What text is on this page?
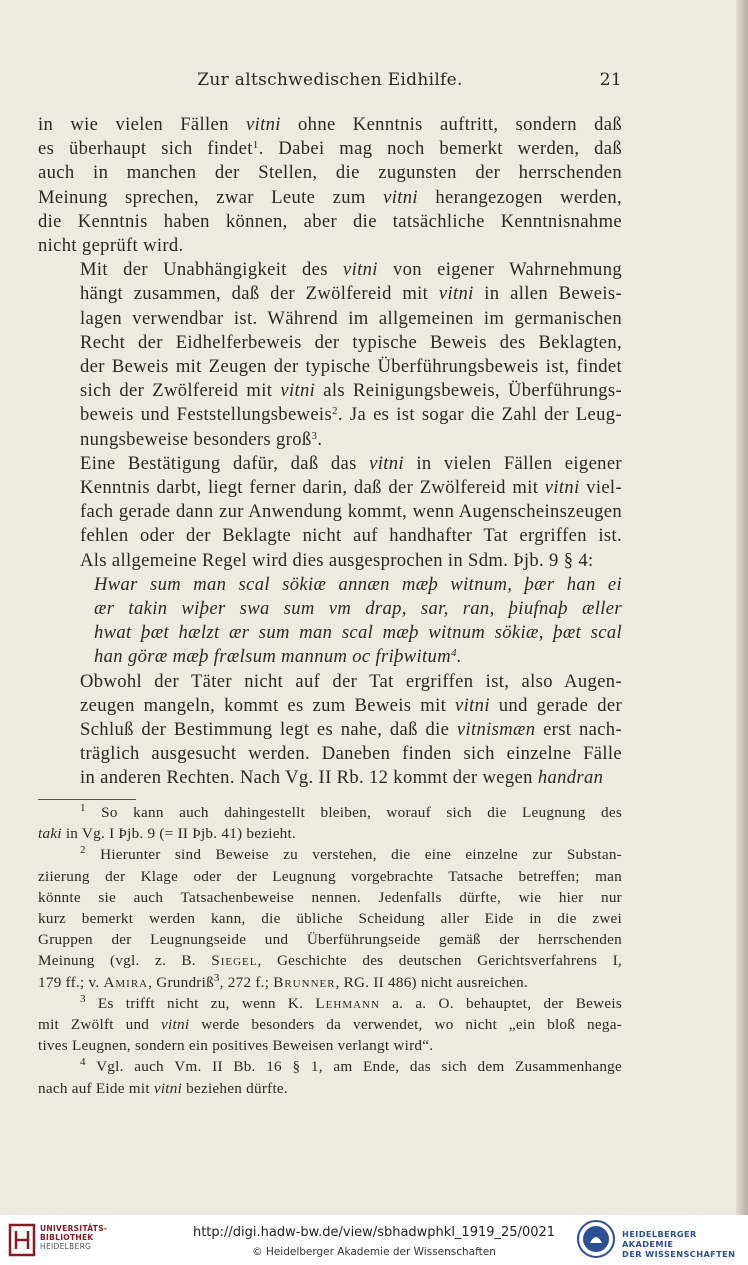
Zur altschwedischen Eidhilfe.	21

in wie vielen Fällen vitni ohne Kenntnis auftritt, sondern daß
es überhaupt sich findet$^1$. Dabei mag noch bemerkt werden, daß
auch in manchen der Stellen, die zugunsten der herrschenden
Meinung sprechen, zwar Leute zum vitni herangezogen werden,
die Kenntnis haben können, aber die tatsächliche Kenntnisnahme
nicht geprüft wird.

Mit der Unabhängigkeit des vitni von eigener Wahrnehmung
hängt zusammen, daß der Zwölfereid mit vitni in allen Beweis-
lagen verwendbar ist. Während im allgemeinen im germanischen
Recht der Eidhelferbeweis der typische Beweis des Beklagten,
der Beweis mit Zeugen der typische Überführungsbeweis ist, findet
sich der Zwölfereid mit vitni als Reinigungsbeweis, Überführungs-
beweis und Feststellungsbeweis$^2$. Ja es ist sogar die Zahl der Leug-
nungsbeweise besonders groß$^3$.

Eine Bestätigung dafür, daß das vitni in vielen Fällen eigener
Kenntnis darbt, liegt ferner darin, daß der Zwölfereid mit vitni viel-
fach gerade dann zur Anwendung kommt, wenn Augenscheinszeugen
fehlen oder der Beklagte nicht auf handhafter Tat ergriffen ist.
Als allgemeine Regel wird dies ausgesprochen in Sdm. Þjb. 9 § 4:

Hwar sum man scal sökiæ annæn mæþ witnum, þær han ei
ær takin wiþer swa sum vm drap, sar, ran, þiufnaþ æller
hwat þæt hælzt ær sum man scal mæþ witnum sökiæ, þæt scal
han göræ mæþ frælsum mannum oc friþwitum$^4$.

Obwohl der Täter nicht auf der Tat ergriffen ist, also Augen-
zeugen mangeln, kommt es zum Beweis mit vitni und gerade der
Schluß der Bestimmung legt es nahe, daß die vitnismæn erst nach-
träglich ausgesucht werden. Daneben finden sich einzelne Fälle
in anderen Rechten. Nach Vg. II Rb. 12 kommt der wegen handran

$^1$ So kann auch dahingestellt bleiben, worauf sich die Leugnung des
taki in Vg. I Þjb. 9 (= II Þjb. 41) bezieht.

$^2$ Hierunter sind Beweise zu verstehen, die eine einzelne zur Substan-
ziierung der Klage oder der Leugnung vorgebrachte Tatsache betreffen; man
könnte sie auch Tatsachenbeweise nennen. Jedenfalls dürfte, wie hier nur
kurz bemerkt werden kann, die übliche Scheidung aller Eide in die zwei
Gruppen der Leugnungseide und Überführungseide gemäß der herrschenden
Meinung (vgl. z. B. Siegel, Geschichte des deutschen Gerichtsverfahrens I,
179 ff.; v. Amira, Grundriß$^3$, 272 f.; Brunner, RG. II 486) nicht ausreichen.

$^3$ Es trifft nicht zu, wenn K. Lehmann a. a. O. behauptet, der Beweis
mit Zwölft und vitni werde besonders da verwendet, wo nicht „ein bloß nega-
tives Leugnen, sondern ein positives Beweisen verlangt wird“.

$^4$ Vgl. auch Vm. II Bb. 16 § 1, am Ende, das sich dem Zusammenhange
nach auf Eide mit vitni beziehen dürfte.

UNIVERSITÄTS-
BIBLIOTHEK
HEIDELBERG
http://digi.hadw-bw.de/view/sbhadwphkl_1919_25/0021
© Heidelberger Akademie der Wissenschaften
HEIDELBERGER AKADEMIE
DER WISSENSCHAFTEN
